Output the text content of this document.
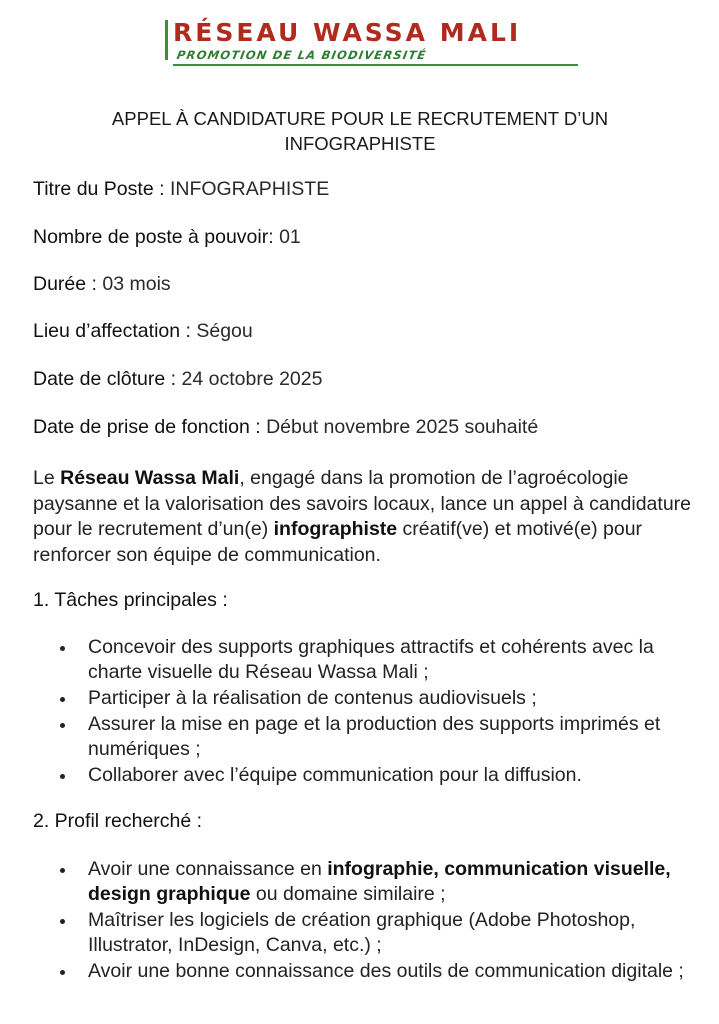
RÉSEAU WASSA MALI
PROMOTION DE LA BIODIVERSITÉ
APPEL À CANDIDATURE POUR LE RECRUTEMENT D’UN
INFOGRAPHISTE
Titre du Poste : INFOGRAPHISTE
Nombre de poste à pouvoir: 01
Durée : 03 mois
Lieu d’affectation : Ségou
Date de clôture : 24 octobre 2025
Date de prise de fonction : Début novembre 2025 souhaité
Le Réseau Wassa Mali, engagé dans la promotion de l’agroécologie paysanne et la valorisation des savoirs locaux, lance un appel à candidature pour le recrutement d’un(e) infographiste créatif(ve) et motivé(e) pour renforcer son équipe de communication.
1. Tâches principales :
Concevoir des supports graphiques attractifs et cohérents avec la charte visuelle du Réseau Wassa Mali ;
Participer à la réalisation de contenus audiovisuels ;
Assurer la mise en page et la production des supports imprimés et numériques ;
Collaborer avec l’équipe communication pour la diffusion.
2. Profil recherché :
Avoir une connaissance en infographie, communication visuelle, design graphique ou domaine similaire ;
Maîtriser les logiciels de création graphique (Adobe Photoshop, Illustrator, InDesign, Canva, etc.) ;
Avoir une bonne connaissance des outils de communication digitale ;
